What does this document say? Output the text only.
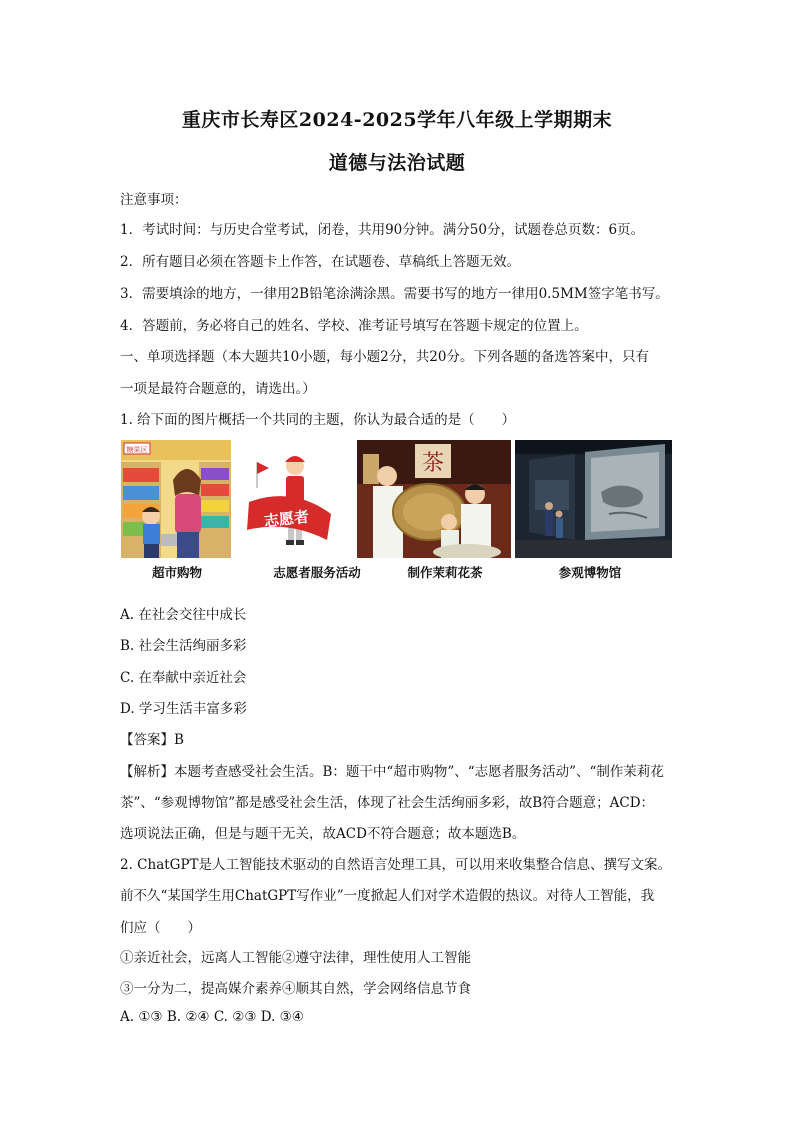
重庆市长寿区2024-2025学年八年级上学期期末
道德与法治试题
注意事项：
1．考试时间：与历史合堂考试，闭卷，共用90分钟。满分50分，试题卷总页数：6页。
2．所有题目必须在答题卡上作答，在试题卷、草稿纸上答题无效。
3．需要填涂的地方，一律用2B铅笔涂满涂黑。需要书写的地方一律用0.5MM签字笔书写。
4．答题前，务必将自己的姓名、学校、准考证号填写在答题卡规定的位置上。
一、单项选择题（本大题共10小题，每小题2分，共20分。下列各题的备选答案中，只有
一项是最符合题意的，请选出。）
1. 给下面的图片概括一个共同的主题，你认为最合适的是（　　）
糖果区
志愿者
茶
超市购物	志愿者服务活动	制作茉莉花茶	参观博物馆
A. 在社会交往中成长
B. 社会生活绚丽多彩
C. 在奉献中亲近社会
D. 学习生活丰富多彩
【答案】B
【解析】本题考查感受社会生活。B：题干中“超市购物”、“志愿者服务活动”、“制作茉莉花
茶”、“参观博物馆”都是感受社会生活，体现了社会生活绚丽多彩，故B符合题意；ACD：
选项说法正确，但是与题干无关，故ACD不符合题意；故本题选B。
2. ChatGPT是人工智能技术驱动的自然语言处理工具，可以用来收集整合信息、撰写文案。
前不久“某国学生用ChatGPT写作业”一度掀起人们对学术造假的热议。对待人工智能，我
们应（　　）
①亲近社会，远离人工智能②遵守法律，理性使用人工智能
③一分为二，提高媒介素养④顺其自然，学会网络信息节食
A. ①③ B. ②④ C. ②③ D. ③④
